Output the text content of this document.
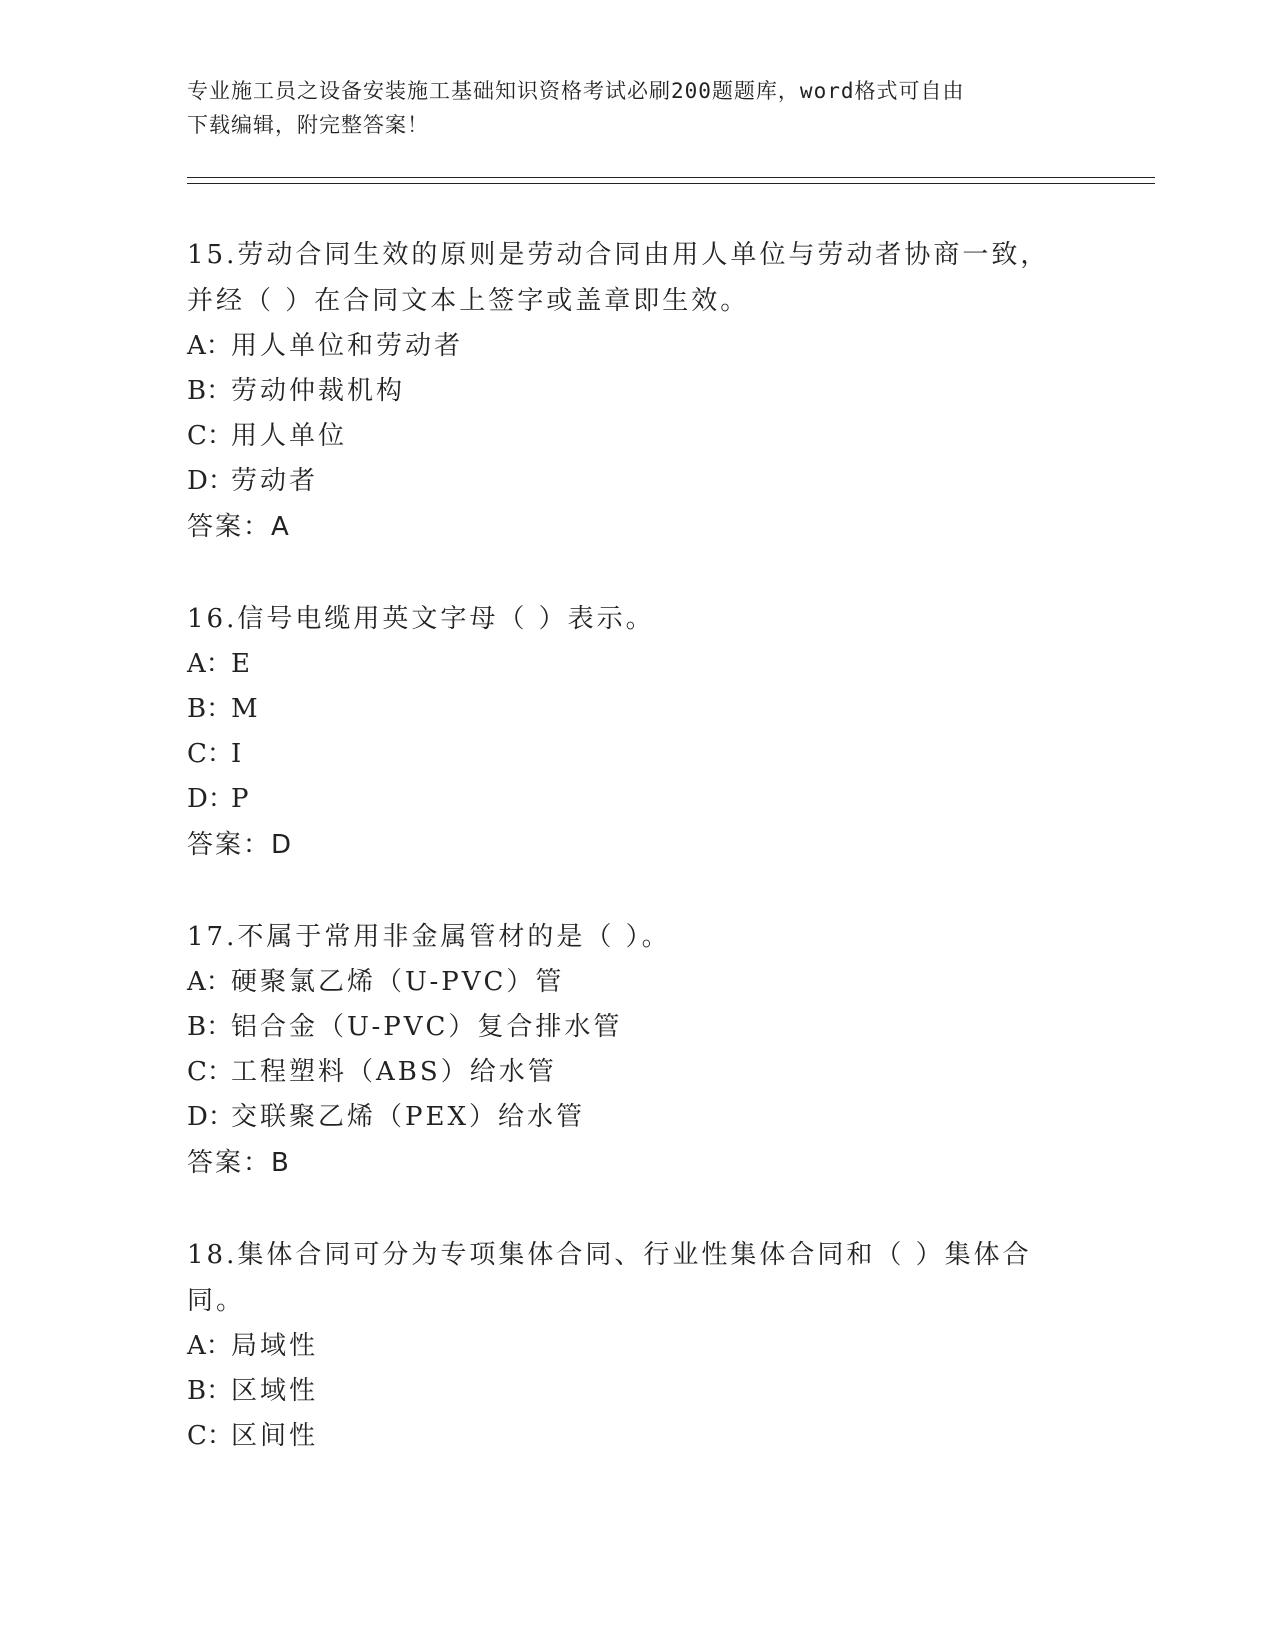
专业施工员之设备安装施工基础知识资格考试必刷200题题库，word格式可自由
下载编辑，附完整答案！
15.劳动合同生效的原则是劳动合同由用人单位与劳动者协商一致，并经（ ）在合同文本上签字或盖章即生效。
A：用人单位和劳动者
B：劳动仲裁机构
C：用人单位
D：劳动者
答案：A
16.信号电缆用英文字母（ ）表示。
A：E
B：M
C：I
D：P
答案：D
17.不属于常用非金属管材的是（ ）。
A：硬聚氯乙烯（U-PVC）管
B：铝合金（U-PVC）复合排水管
C：工程塑料（ABS）给水管
D：交联聚乙烯（PEX）给水管
答案：B
18.集体合同可分为专项集体合同、行业性集体合同和（ ）集体合同。
A：局域性
B：区域性
C：区间性
